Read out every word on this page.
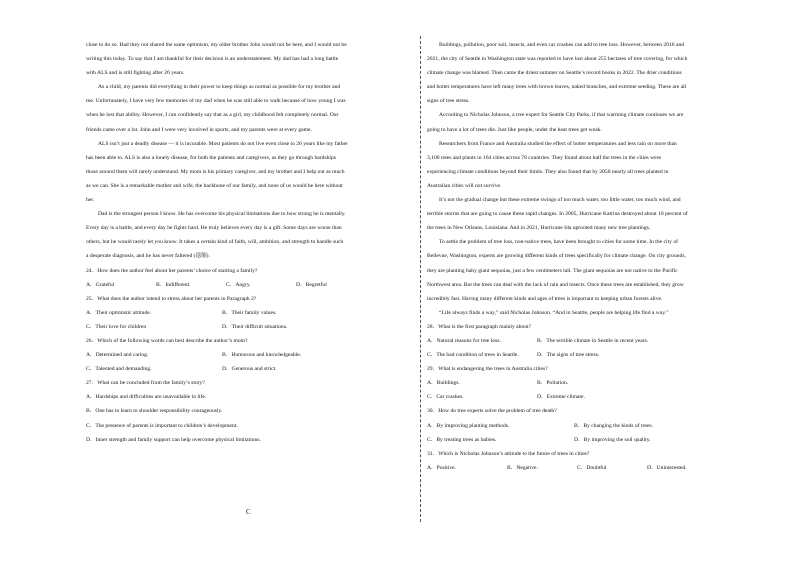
close to do so. Had they not shared the same optimism, my older brother John would not be here, and I would not be

writing this today. To say that I am thankful for their decision is an understatement. My dad has had a long battle

with ALS and is still fighting after 26 years.

As a child, my parents did everything in their power to keep things as normal as possible for my brother and

me. Unfortunately, I have very few memories of my dad when he was still able to walk because of how young I was

when he lost that ability. However, I can confidently say that as a girl, my childhood felt completely normal. Our

friends came over a lot. John and I were very involved in sports, and my parents were at every game.

ALS isn’t just a deadly disease — it is incurable. Most patients do not live even close to 26 years like my father

has been able to. ALS is also a lonely disease, for both the patients and caregivers, as they go through hardships

those around them will rarely understand. My mom is his primary caregiver, and my brother and I help out as much

as we can. She is a remarkable mother and wife, the backbone of our family, and none of us would be here without

her.

Dad is the strongest person I know. He has overcome his physical limitations due to how strong he is mentally.

Every day is a battle, and every day he fights hard. He truly believes every day is a gift. Some days are worse than

others, but he would rarely let you know. It takes a certain kind of faith, will, ambition, and strength to handle such

a desperate diagnosis, and he has never faltered (退缩).

24．How does the author feel about her parents’ choice of starting a family?

A．Grateful	B．Indifferent.	C．Angry.	D．Regretful

25．What does the author intend to stress about her parents in Paragraph 2?

A．Their optimistic attitude.	B．Their family values.
C．Their love for children	D．Their difficult situations.

26．Which of the following words can best describe the author’s mom?

A．Determined and caring.	B．Humorous and knowledgeable.
C．Talented and demanding.	D．Generous and strict.

27．What can be concluded from the family’s story?

A．Hardships and difficulties are unavoidable in life.

B．One has to learn to shoulder responsibility courageously.

C．The presence of parents is important to children’s development.

D．Inner strength and family support can help overcome physical limitations.

C

Buildings, pollution, poor soil, insects, and even car crashes can add to tree loss. However, between 2016 and

2021, the city of Seattle in Washington state was reported to have lost about 255 hectares of tree covering, for which

climate change was blamed. Then came the driest summer on Seattle’s record books in 2022. The drier conditions

and hotter temperatures have left many trees with brown leaves, naked branches, and extreme seeding. These are all

signs of tree stress.

According to Nicholas Johnson, a tree expert for Seattle City Parks, if that warming climate continues we are

going to have a lot of trees die. Just like people, under the heat trees get weak.

Researchers from France and Australia studied the effect of hotter temperatures and less rain on more than

3,100 trees and plants in 164 cities across 78 countries. They found about half the trees in the cities were

experiencing climate conditions beyond their limits. They also found that by 2050 nearly all trees planted in

Australian cities will not survive.

It’s not the gradual change but these extreme swings of too much water, too little water, too much wind, and

terrible storms that are going to cause these rapid changes. In 2005, Hurricane Katrina destroyed about 10 percent of

the trees in New Orleans, Louisiana. And in 2021, Hurricane Ida uprooted many new tree plantings.

To settle the problem of tree loss, non-native trees, have been brought to cities for some time. In the city of

Bellevue, Washington, experts are growing different kinds of trees specifically for climate change. On city grounds,

they are planting baby giant sequoias, just a few centimeters tall. The giant sequoias are not native to the Pacific

Northwest area. But the trees can deal with the lack of rain and insects. Once these trees are established, they grow

incredibly fast. Having many different kinds and ages of trees is important to keeping urban forests alive.

“Life always finds a way,” said Nicholas Johnson. “And in Seattle, people are helping life find a way.”

28．What is the first paragraph mainly about?

A．Natural reasons for tree loss.	B．The terrible climate in Seattle in recent years.
C．The bad condition of trees in Seattle.	D．The signs of tree stress.

29．What is endangering the trees in Australia cities?

A．Buildings.	B．Pollution.
C．Car crashes.	D．Extreme climate.

30．How do tree experts solve the problem of tree death?

A．By improving planting methods.	B．By changing the kinds of trees.
C．By treating trees as babies.	D．By improving the soil quality.

31．Which is Nicholas Johnson’s attitude to the future of trees in cities?

A．Positive.	B．Negative.	C．Doubtful	D．Uninterested.
